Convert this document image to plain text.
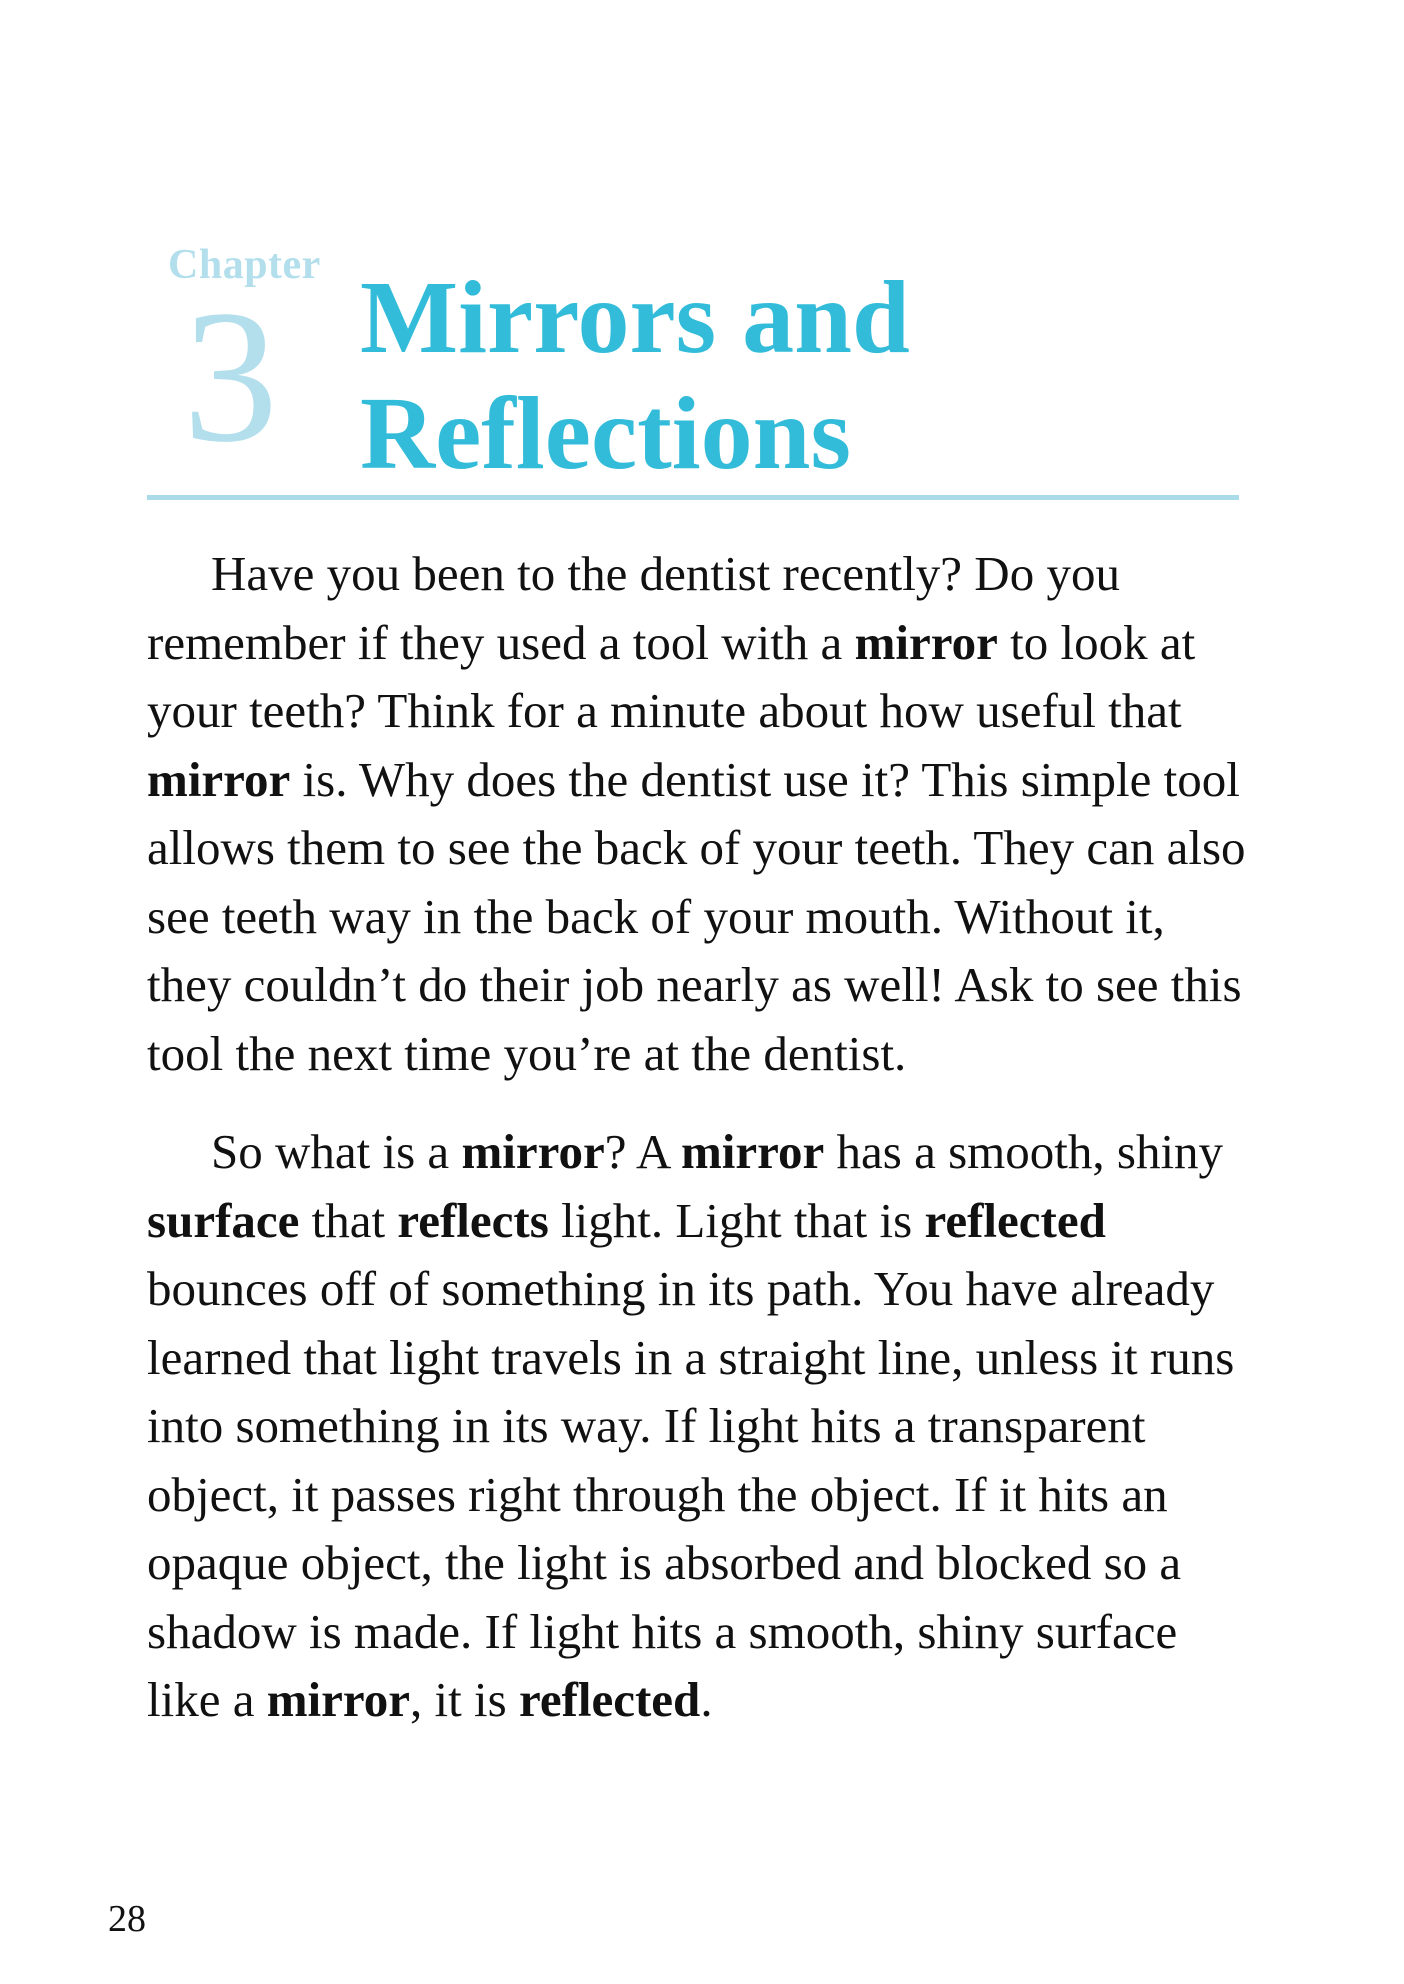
Chapter
3 Mirrors and
Reflections

Have you been to the dentist recently? Do you remember if they used a tool with a mirror to look at your teeth? Think for a minute about how useful that mirror is. Why does the dentist use it? This simple tool allows them to see the back of your teeth. They can also see teeth way in the back of your mouth. Without it, they couldn’t do their job nearly as well! Ask to see this tool the next time you’re at the dentist.

So what is a mirror? A mirror has a smooth, shiny surface that reflects light. Light that is reflected bounces off of something in its path. You have already learned that light travels in a straight line, unless it runs into something in its way. If light hits a transparent object, it passes right through the object. If it hits an opaque object, the light is absorbed and blocked so a shadow is made. If light hits a smooth, shiny surface like a mirror, it is reflected.

28
